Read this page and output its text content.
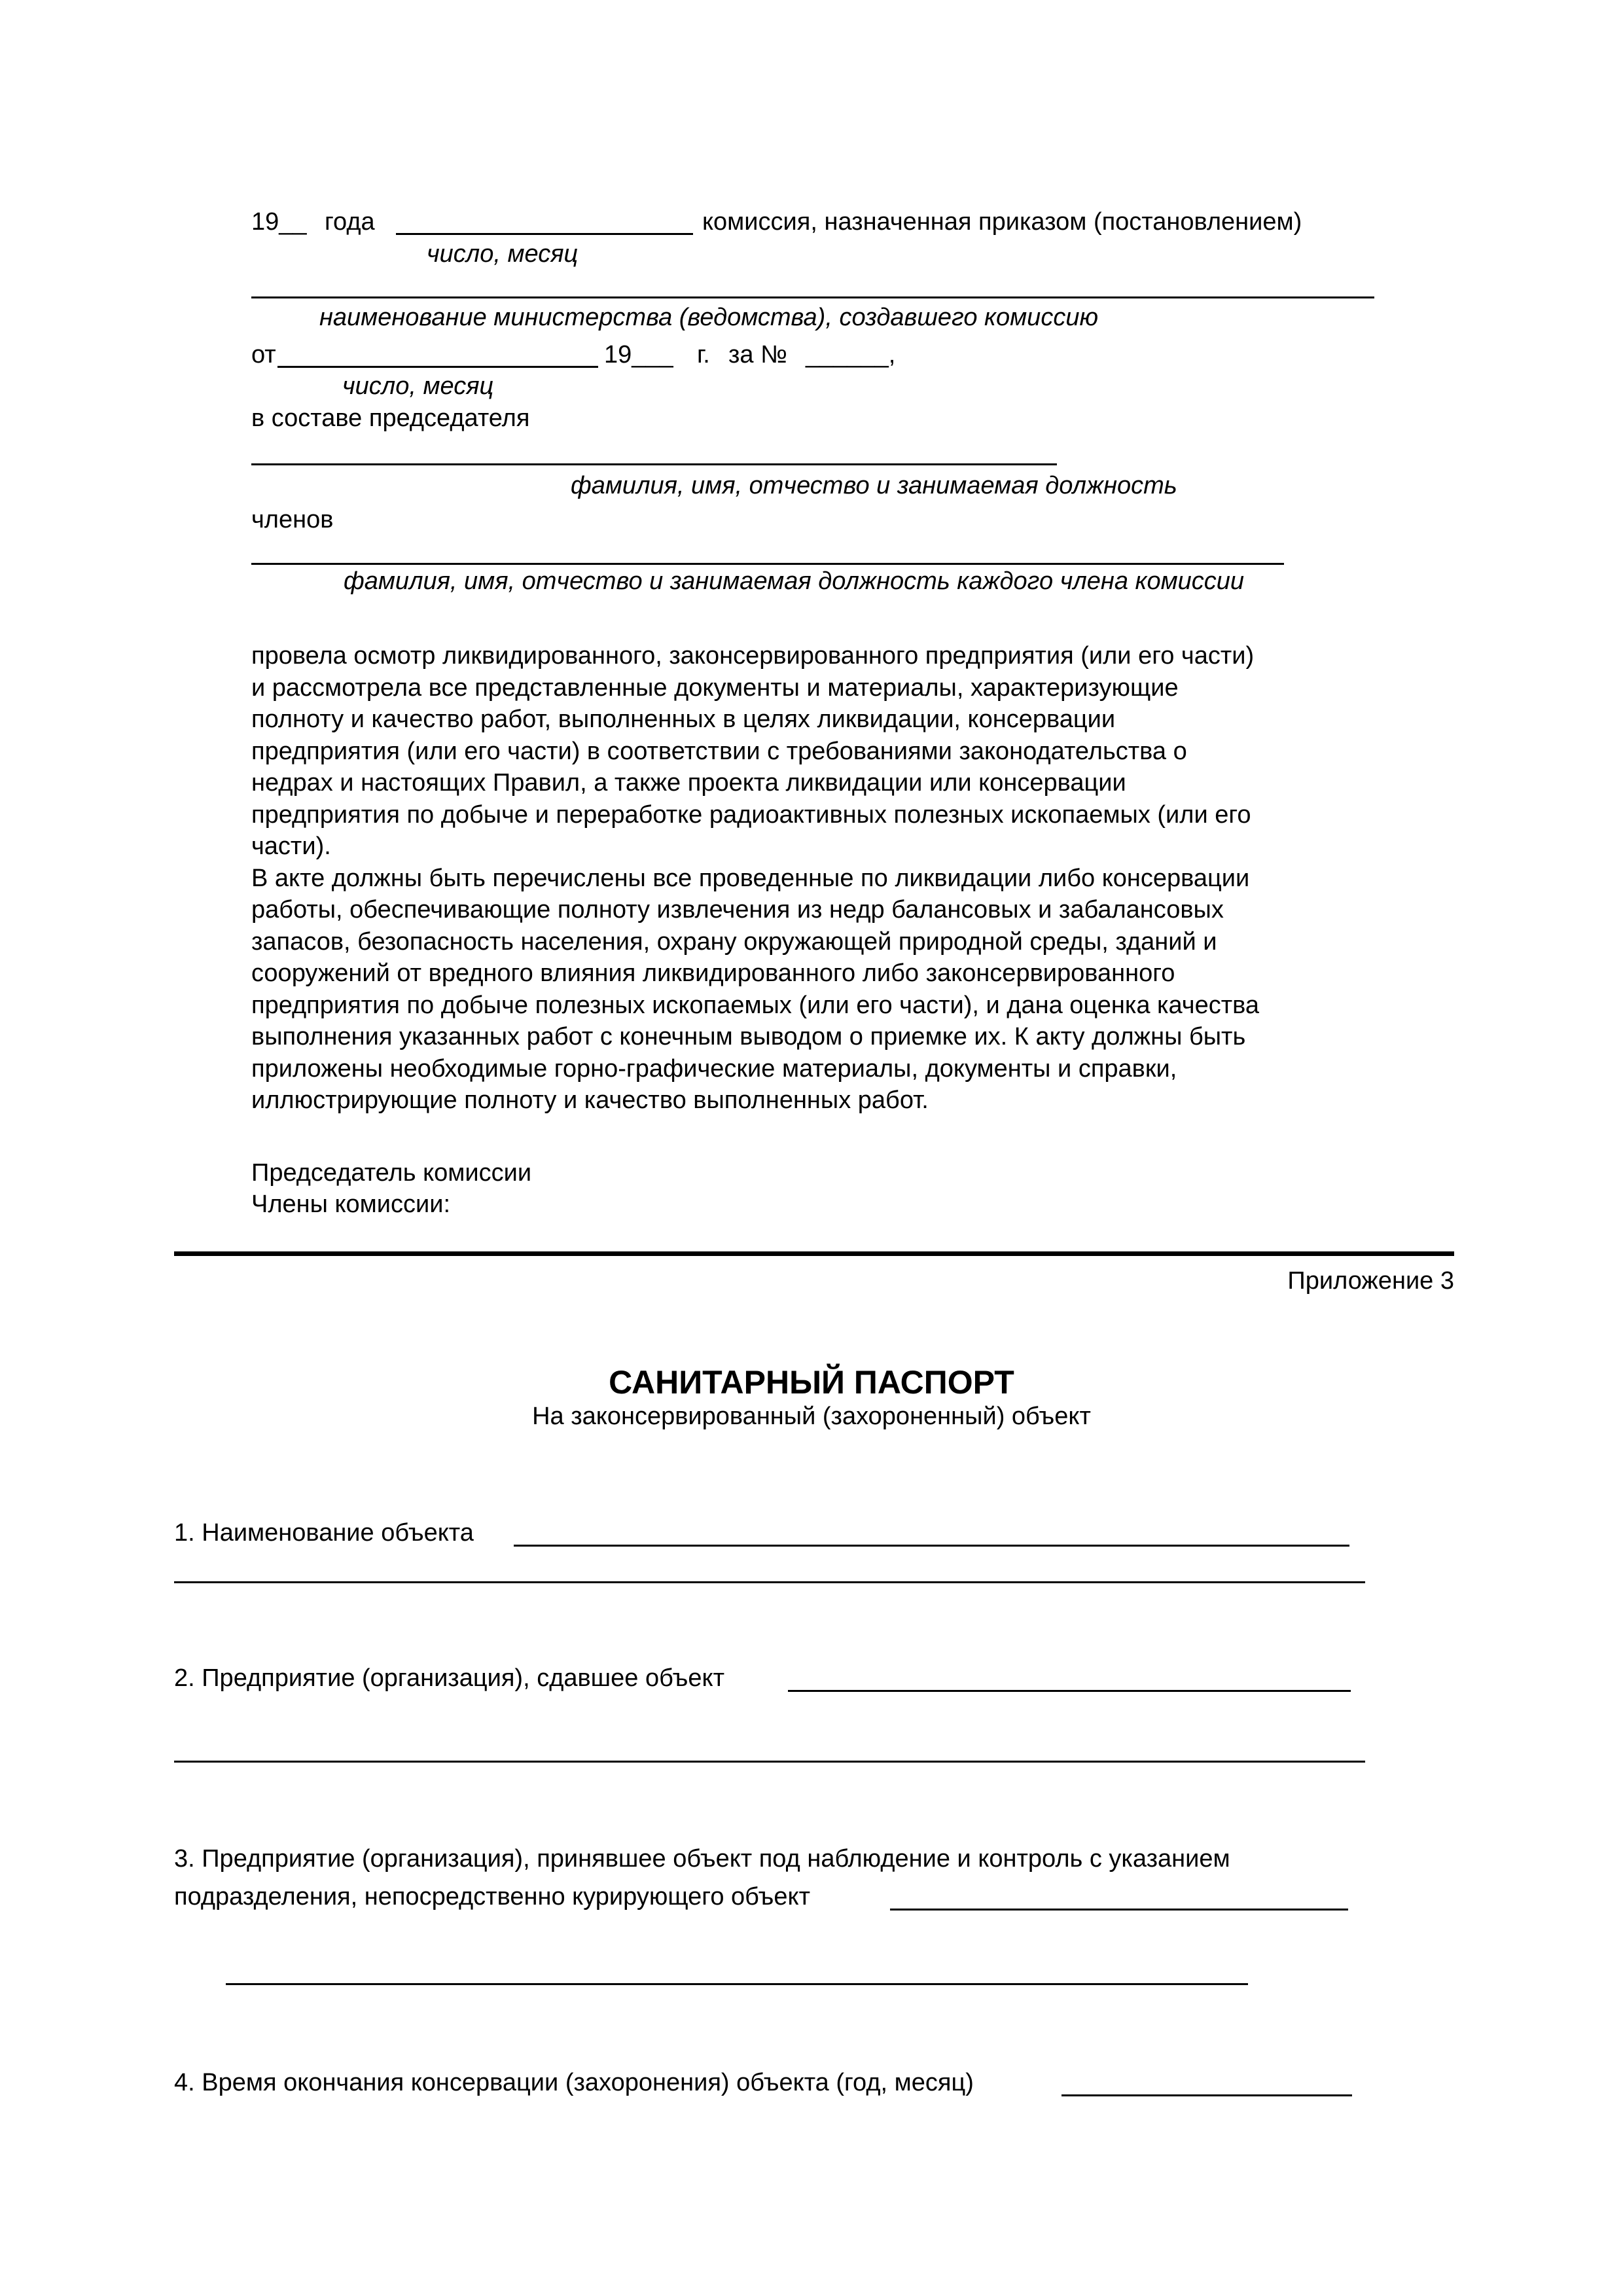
19__ года	комиссия, назначенная приказом (постановлением)
число, месяц
наименование министерства (ведомства), создавшего комиссию
от	19___ г. за № ______,
число, месяц
в составе председателя
фамилия, имя, отчество и занимаемая должность
членов
фамилия, имя, отчество и занимаемая должность каждого члена комиссии
провела осмотр ликвидированного, законсервированного предприятия (или его части)
и рассмотрела все представленные документы и материалы, характеризующие
полноту и качество работ, выполненных в целях ликвидации, консервации
предприятия (или его части) в соответствии с требованиями законодательства о
недрах и настоящих Правил, а также проекта ликвидации или консервации
предприятия по добыче и переработке радиоактивных полезных ископаемых (или его
части).
В акте должны быть перечислены все проведенные по ликвидации либо консервации
работы, обеспечивающие полноту извлечения из недр балансовых и забалансовых
запасов, безопасность населения, охрану окружающей природной среды, зданий и
сооружений от вредного влияния ликвидированного либо законсервированного
предприятия по добыче полезных ископаемых (или его части), и дана оценка качества
выполнения указанных работ с конечным выводом о приемке их. К акту должны быть
приложены необходимые горно-графические материалы, документы и справки,
иллюстрирующие полноту и качество выполненных работ.
Председатель комиссии
Члены комиссии:
Приложение 3
САНИТАРНЫЙ ПАСПОРТ
На законсервированный (захороненный) объект
1. Наименование объекта
2. Предприятие (организация), сдавшее объект
3. Предприятие (организация), принявшее объект под наблюдение и контроль с указанием
подразделения, непосредственно курирующего объект
4. Время окончания консервации (захоронения) объекта (год, месяц)
